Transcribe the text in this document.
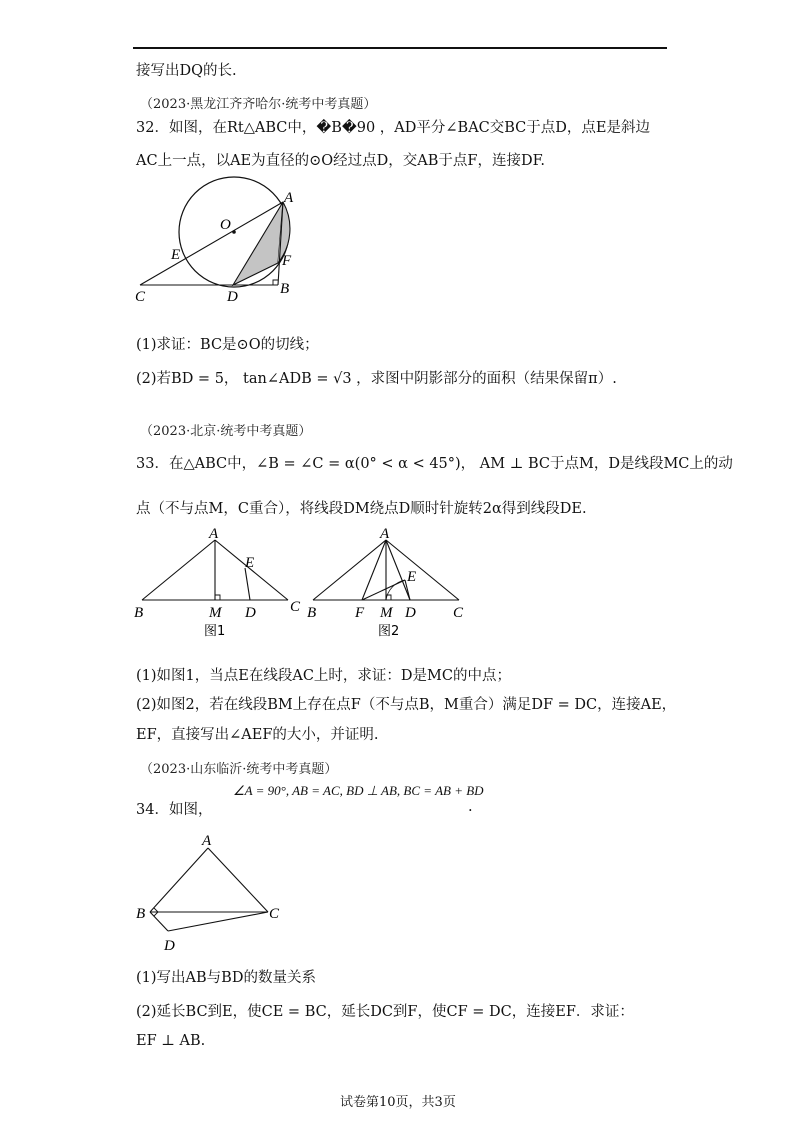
接写出DQ的长.
（2023·黑龙江齐齐哈尔·统考中考真题）
32．如图，在Rt△ABC中，�B�90 ，AD平分∠BAC交BC于点D，点E是斜边
AC上一点，以AE为直径的⊙O经过点D，交AB于点F，连接DF.
A
O
E	F
C	D	B
(1)求证：BC是⊙O的切线；
(2)若BD = 5， tan∠ADB = √3 ，求图中阴影部分的面积（结果保留π）.
（2023·北京·统考中考真题）
33．在△ABC中，∠B = ∠C = α(0° < α < 45°)， AM ⊥ BC于点M，D是线段MC上的动
点（不与点M，C重合），将线段DM绕点D顺时针旋转2α得到线段DE.
A
E
B	M D C
图1
A
E
B	F M D C
图2
(1)如图1，当点E在线段AC上时，求证：D是MC的中点；
(2)如图2，若在线段BM上存在点F（不与点B，M重合）满足DF = DC，连接AE，
EF，直接写出∠AEF的大小，并证明.
（2023·山东临沂·统考中考真题）
∠A = 90°, AB = AC, BD ⊥ AB, BC = AB + BD
34．如图，	.
A
B	C
D
(1)写出AB与BD的数量关系
(2)延长BC到E，使CE = BC，延长DC到F，使CF = DC，连接EF．求证：
EF ⊥ AB.
试卷第10页，共3页
